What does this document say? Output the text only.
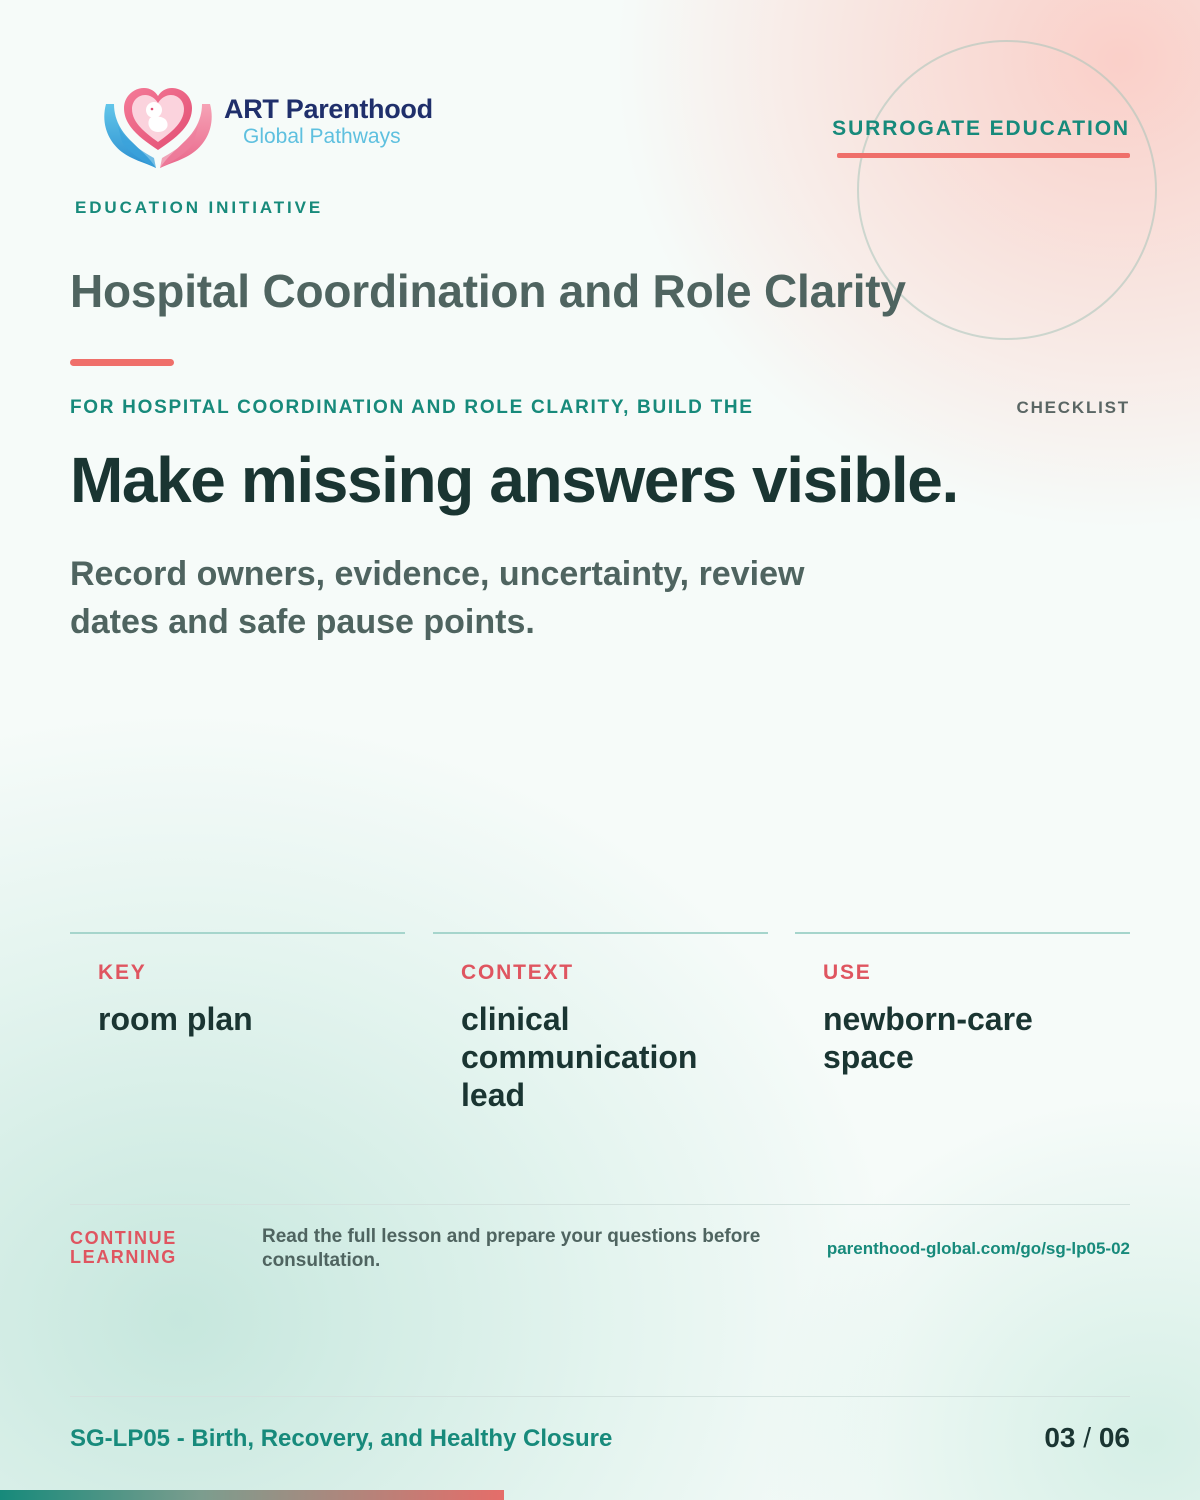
ART Parenthood
Global Pathways	SURROGATE EDUCATION
EDUCATION INITIATIVE
Hospital Coordination and Role Clarity
FOR HOSPITAL COORDINATION AND ROLE CLARITY, BUILD THE	CHECKLIST
Make missing answers visible.
Record owners, evidence, uncertainty, review dates and safe pause points.
KEY
room plan
CONTEXT
clinical communication lead
USE
newborn-care space
CONTINUE
LEARNING
Read the full lesson and prepare your questions before consultation.
parenthood-global.com/go/sg-lp05-02
SG-LP05 - Birth, Recovery, and Healthy Closure	03 / 06
